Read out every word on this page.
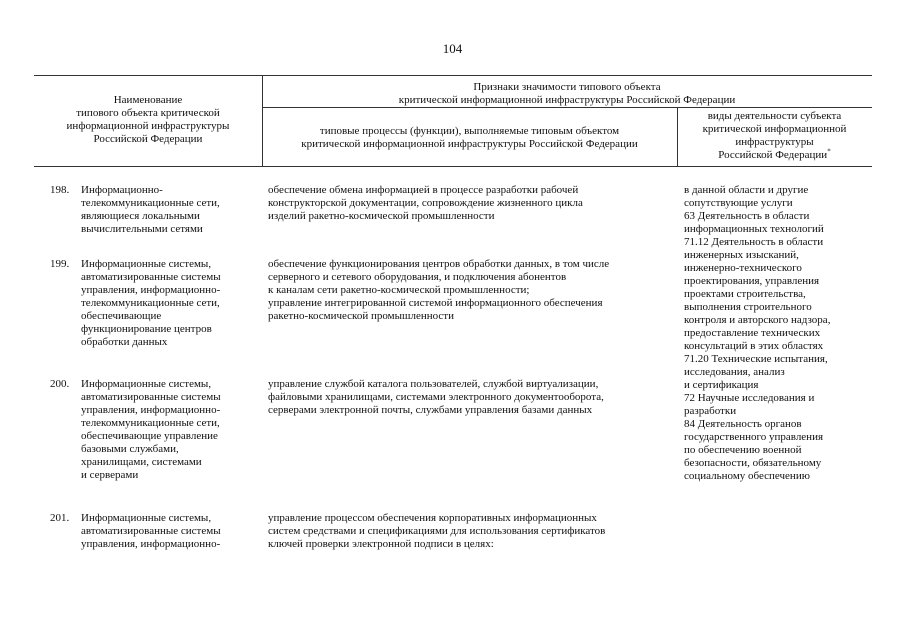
104
Наименование
типового объекта критической
информационной инфраструктуры
Российской Федерации
Признаки значимости типового объекта
критической информационной инфраструктуры Российской Федерации
типовые процессы (функции), выполняемые типовым объектом
критической информационной инфраструктуры Российской Федерации
виды деятельности субъекта
критической информационной
инфраструктуры
Российской Федерации*
198. Информационно-
телекоммуникационные сети,
являющиеся локальными
вычислительными сетями
обеспечение обмена информацией в процессе разработки рабочей
конструкторской документации, сопровождение жизненного цикла
изделий ракетно-космической промышленности
199. Информационные системы,
автоматизированные системы
управления, информационно-
телекоммуникационные сети,
обеспечивающие
функционирование центров
обработки данных
обеспечение функционирования центров обработки данных, в том числе
серверного и сетевого оборудования, и подключения абонентов
к каналам сети ракетно-космической промышленности;
управление интегрированной системой информационного обеспечения
ракетно-космической промышленности
200. Информационные системы,
автоматизированные системы
управления, информационно-
телекоммуникационные сети,
обеспечивающие управление
базовыми службами,
хранилищами, системами
и серверами
управление службой каталога пользователей, службой виртуализации,
файловыми хранилищами, системами электронного документооборота,
серверами электронной почты, службами управления базами данных
201. Информационные системы,
автоматизированные системы
управления, информационно-
управление процессом обеспечения корпоративных информационных
систем средствами и спецификациями для использования сертификатов
ключей проверки электронной подписи в целях:
в данной области и другие
сопутствующие услуги
63 Деятельность в области
информационных технологий
71.12 Деятельность в области
инженерных изысканий,
инженерно-технического
проектирования, управления
проектами строительства,
выполнения строительного
контроля и авторского надзора,
предоставление технических
консультаций в этих областях
71.20 Технические испытания,
исследования, анализ
и сертификация
72 Научные исследования и
разработки
84 Деятельность органов
государственного управления
по обеспечению военной
безопасности, обязательному
социальному обеспечению
